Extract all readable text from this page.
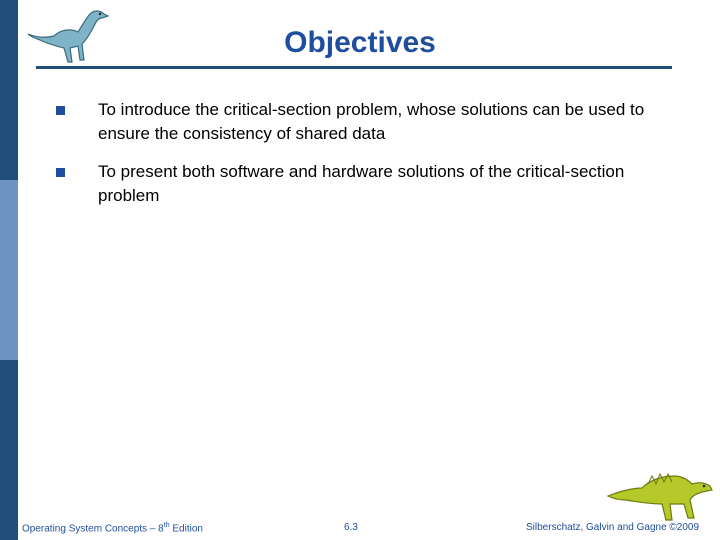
Objectives
To introduce the critical-section problem, whose solutions can be used to ensure the consistency of shared data
To present both software and hardware solutions of the critical-section problem
Operating System Concepts – 8th Edition	6.3	Silberschatz, Galvin and Gagne ©2009
